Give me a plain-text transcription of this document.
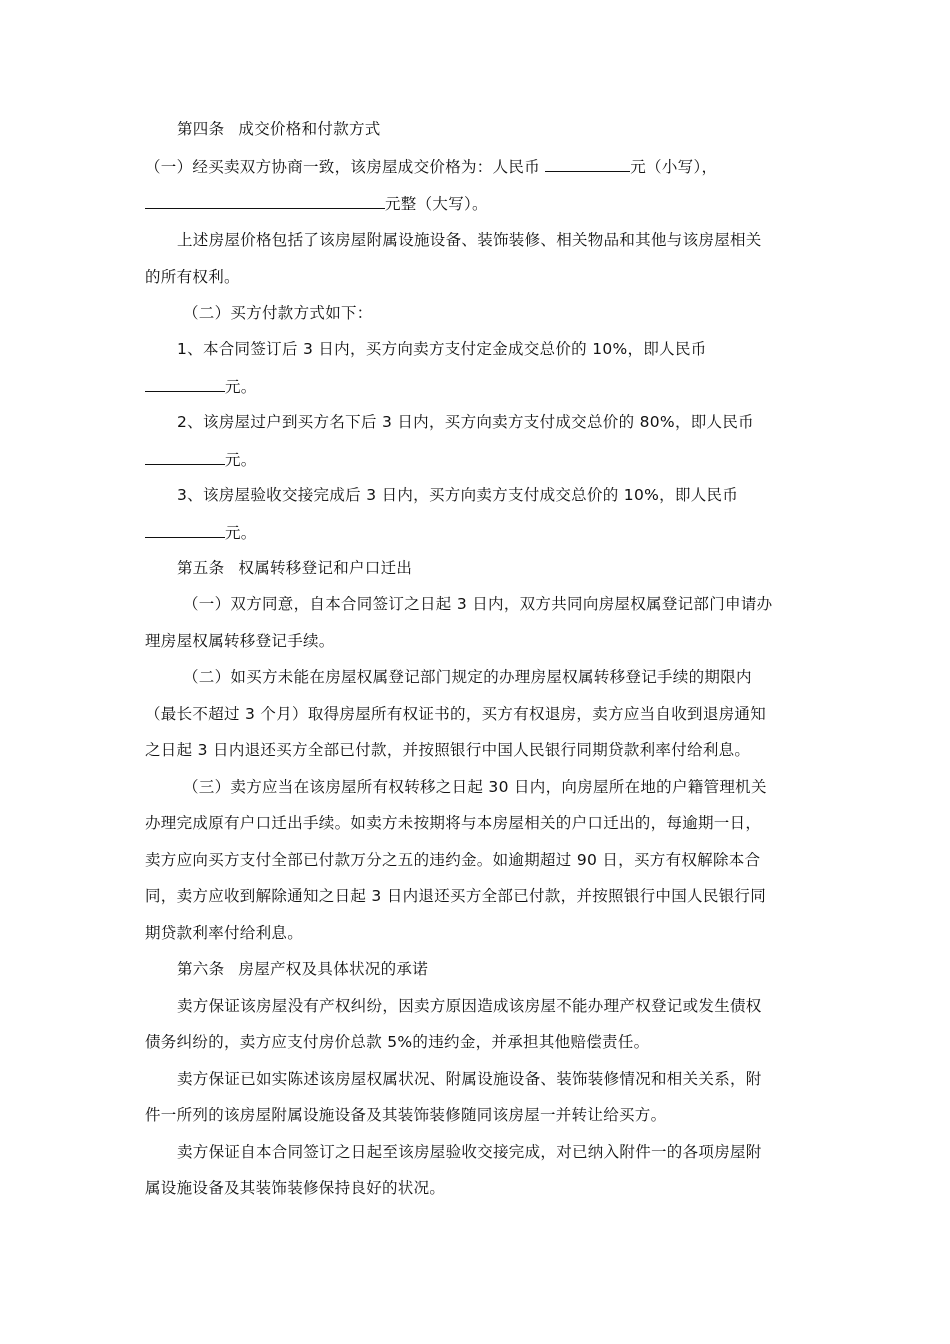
第四条 成交价格和付款方式
（一）经买卖双方协商一致，该房屋成交价格为：人民币	元（小写），
元整（大写）。
上述房屋价格包括了该房屋附属设施设备、装饰装修、相关物品和其他与该房屋相关
的所有权利。
（二）买方付款方式如下：
1、本合同签订后 3 日内，买方向卖方支付定金成交总价的 10%，即人民币
元。
2、该房屋过户到买方名下后 3 日内，买方向卖方支付成交总价的 80%，即人民币
元。
3、该房屋验收交接完成后 3 日内，买方向卖方支付成交总价的 10%，即人民币
元。
第五条 权属转移登记和户口迁出
（一）双方同意，自本合同签订之日起 3 日内，双方共同向房屋权属登记部门申请办
理房屋权属转移登记手续。
（二）如买方未能在房屋权属登记部门规定的办理房屋权属转移登记手续的期限内
（最长不超过 3 个月）取得房屋所有权证书的，买方有权退房，卖方应当自收到退房通知
之日起 3 日内退还买方全部已付款，并按照银行中国人民银行同期贷款利率付给利息。
（三）卖方应当在该房屋所有权转移之日起 30 日内，向房屋所在地的户籍管理机关
办理完成原有户口迁出手续。如卖方未按期将与本房屋相关的户口迁出的，每逾期一日，
卖方应向买方支付全部已付款万分之五的违约金。如逾期超过 90 日，买方有权解除本合
同，卖方应收到解除通知之日起 3 日内退还买方全部已付款，并按照银行中国人民银行同
期贷款利率付给利息。
第六条 房屋产权及具体状况的承诺
卖方保证该房屋没有产权纠纷，因卖方原因造成该房屋不能办理产权登记或发生债权
债务纠纷的，卖方应支付房价总款 5%的违约金，并承担其他赔偿责任。
卖方保证已如实陈述该房屋权属状况、附属设施设备、装饰装修情况和相关关系，附
件一所列的该房屋附属设施设备及其装饰装修随同该房屋一并转让给买方。
卖方保证自本合同签订之日起至该房屋验收交接完成，对已纳入附件一的各项房屋附
属设施设备及其装饰装修保持良好的状况。
